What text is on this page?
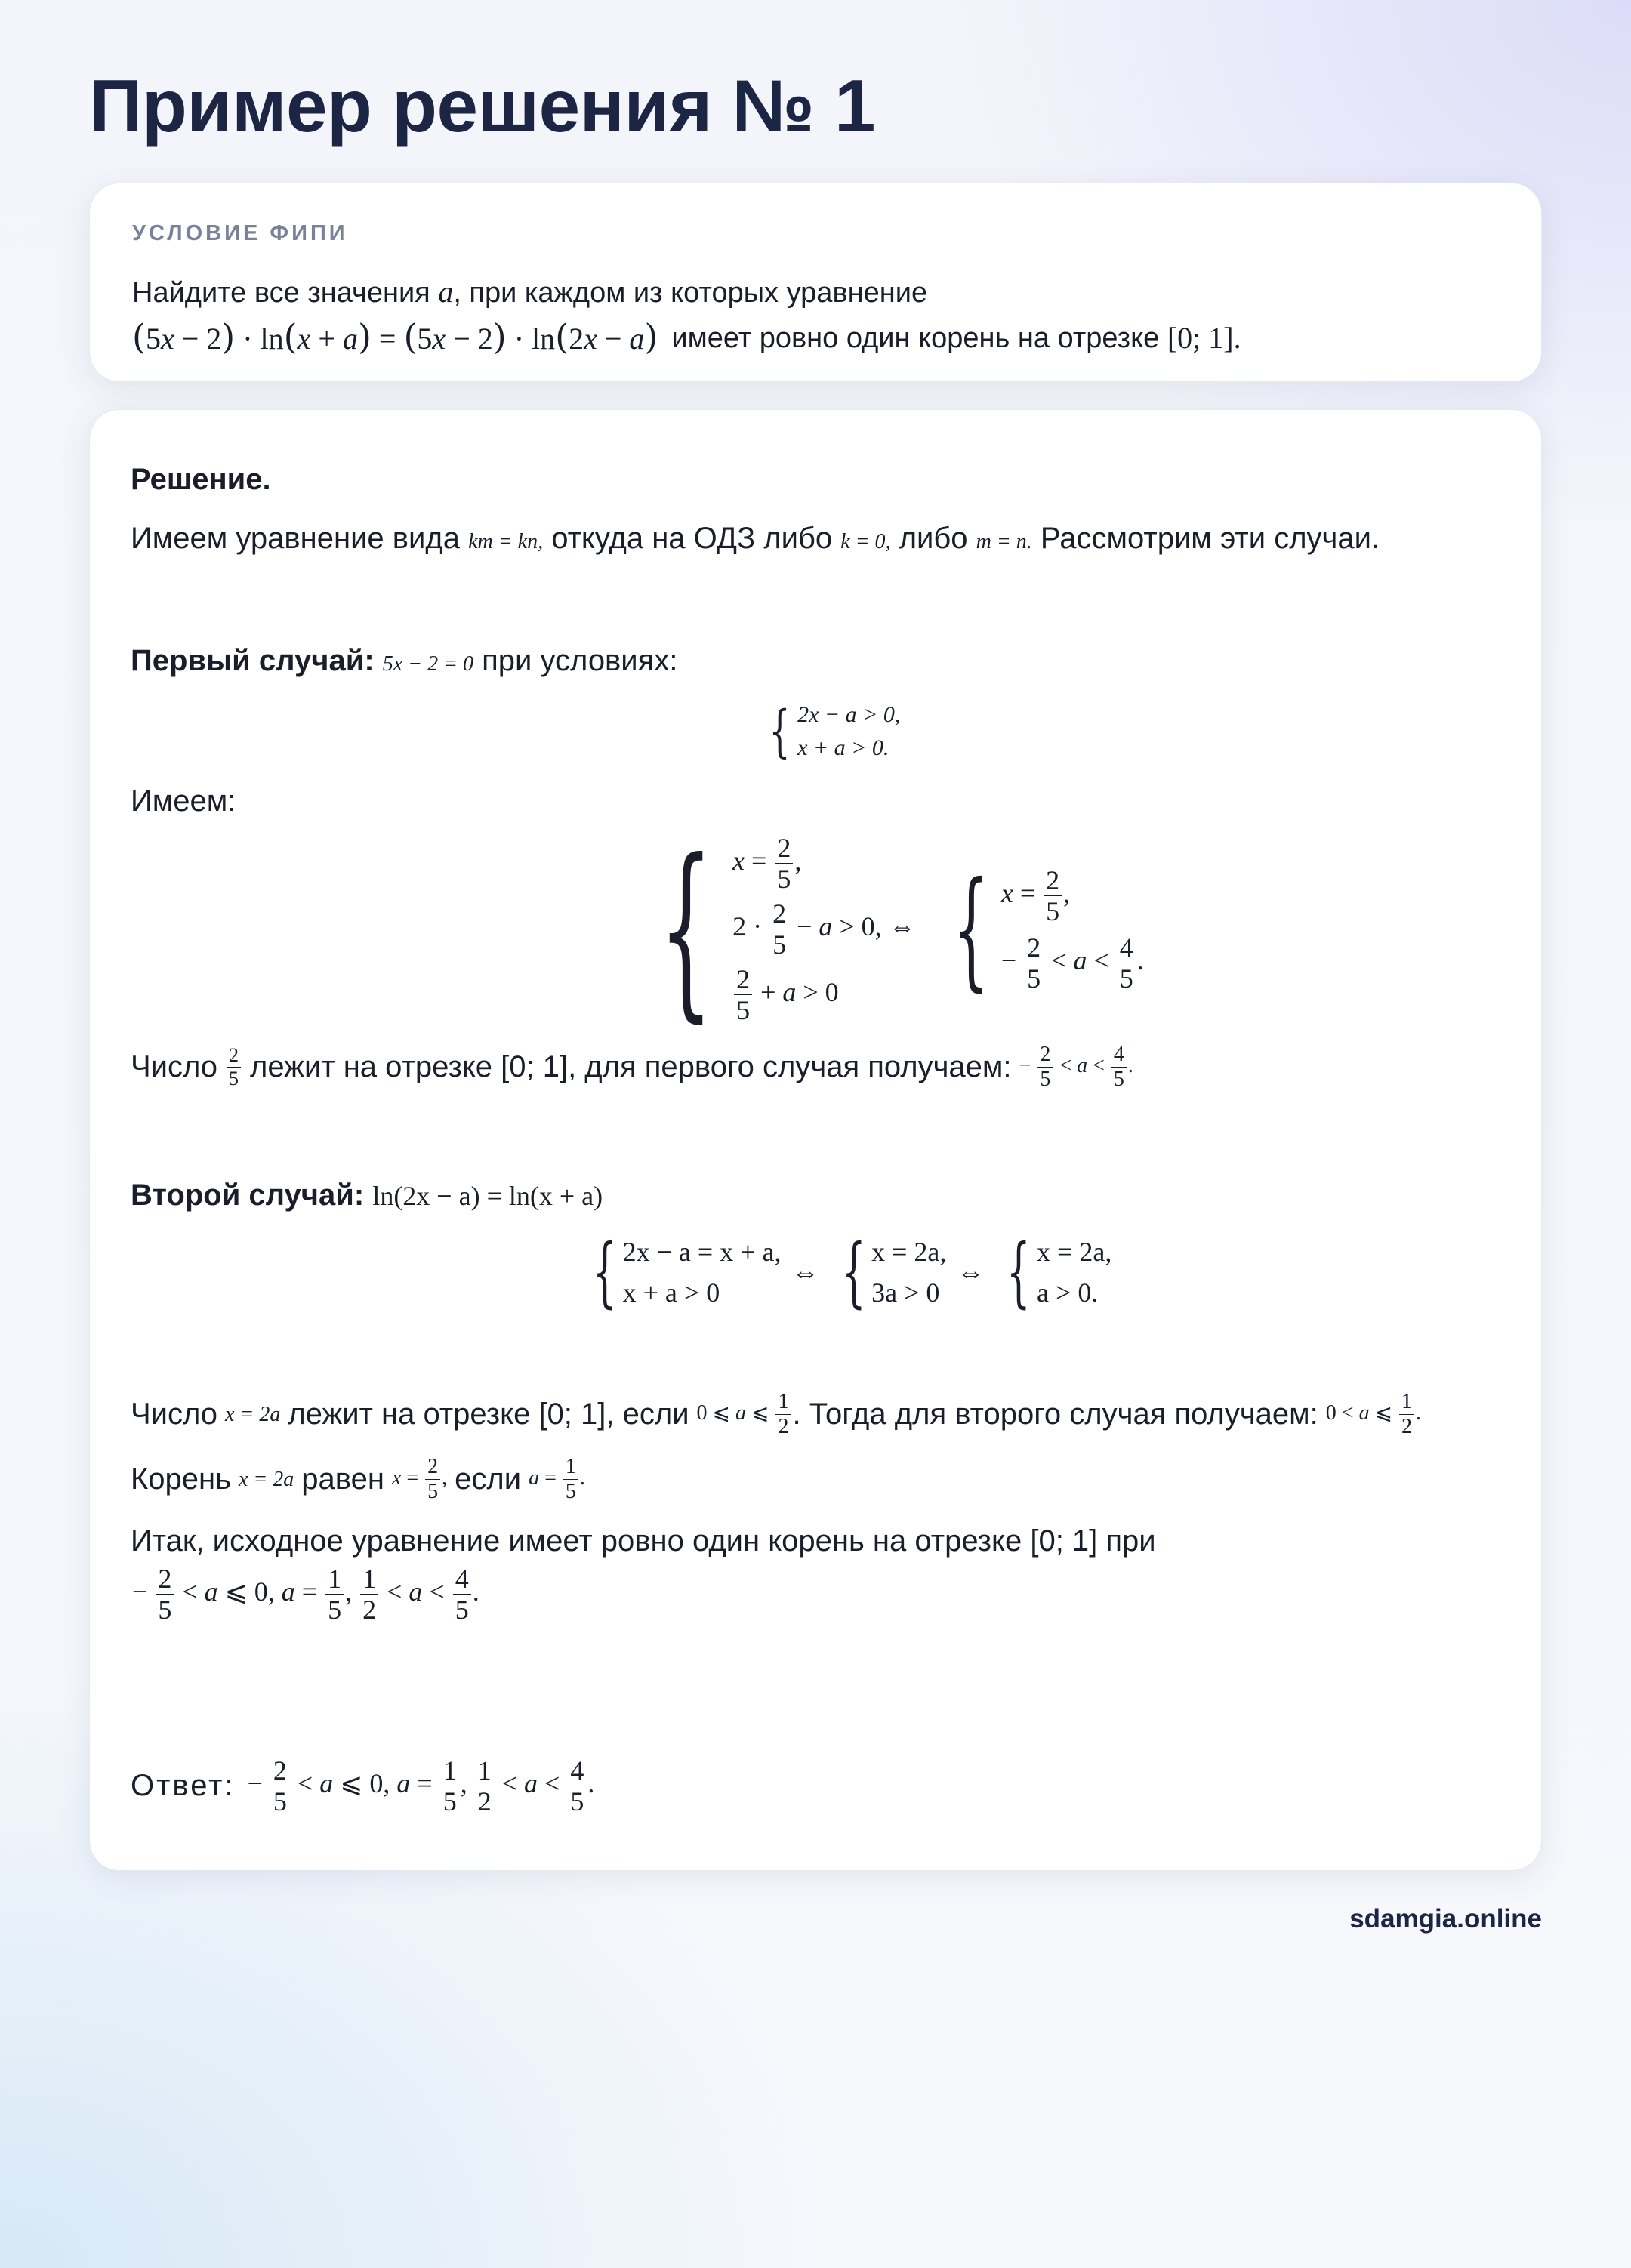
Пример решения № 1
УСЛОВИЕ ФИПИ
Найдите все значения a, при каждом из которых уравнение
(5x − 2) · ln(x + a) = (5x − 2) · ln(2x − a) имеет ровно один корень на отрезке
[0; 1].
Решение.
Имеем уравнение вида km = kn, откуда на ОДЗ либо k = 0, либо m = n. Рассмотрим эти случаи.
Первый случай: 5x − 2 = 0 при условиях:
{ 2x − a > 0,
x + a > 0.
Имеем:
{ $x = \frac{2}{5}$ ,
$2 \cdot \frac{2}{5} - a > 0$, ⇔
$\frac{2}{5} + a > 0$
{ $x = \frac{2}{5}$ ,
− $\frac{2}{5} < a < \frac{4}{5}$ .
Число $\frac{2}{5}$ лежит на отрезке [0; 1], для первого случая получаем: − $\frac{2}{5} < a < \frac{4}{5}$ .
Второй случай: ln(2x − a) = ln(x + a)
{ 2x − a = x + a,
x + a > 0
⇔ { x = 2a,
3a > 0
⇔ { x = 2a,
a > 0.
Число x = 2a лежит на отрезке [0; 1], если 0 ⩽ a ⩽ $\frac{1}{2}$ . Тогда для второго случая получаем: 0 < a ⩽ $\frac{1}{2}$ .
Корень x = 2a равен $x = \frac{2}{5}$ , если $a = \frac{1}{5}$ .
Итак, исходное уравнение имеет ровно один корень на отрезке [0; 1] при
− $\frac{2}{5} < a$ ⩽ 0, $a = \frac{1}{5}$ , $\frac{1}{2} < a < \frac{4}{5}$ .
Ответ: − $\frac{2}{5} < a$ ⩽ 0, $a = \frac{1}{5}$ , $\frac{1}{2} < a < \frac{4}{5}$ .
sdamgia.online
